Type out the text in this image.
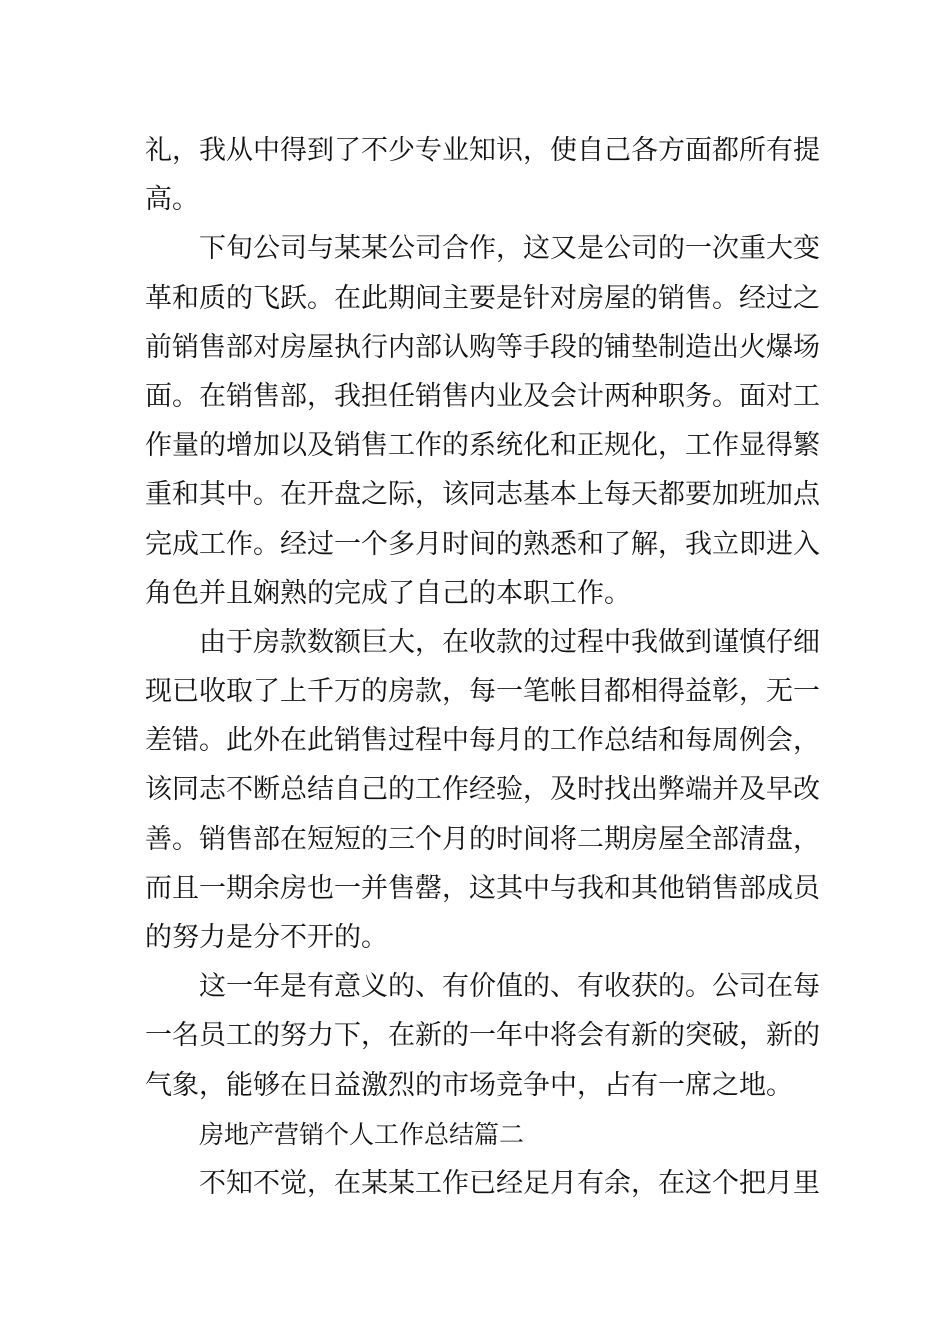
礼，我从中得到了不少专业知识，使自己各方面都所有提
高。
下旬公司与某某公司合作，这又是公司的一次重大变
革和质的飞跃。在此期间主要是针对房屋的销售。经过之
前销售部对房屋执行内部认购等手段的铺垫制造出火爆场
面。在销售部，我担任销售内业及会计两种职务。面对工
作量的增加以及销售工作的系统化和正规化，工作显得繁
重和其中。在开盘之际，该同志基本上每天都要加班加点
完成工作。经过一个多月时间的熟悉和了解，我立即进入
角色并且娴熟的完成了自己的本职工作。
由于房款数额巨大，在收款的过程中我做到谨慎仔细
现已收取了上千万的房款，每一笔帐目都相得益彰，无一
差错。此外在此销售过程中每月的工作总结和每周例会，
该同志不断总结自己的工作经验，及时找出弊端并及早改
善。销售部在短短的三个月的时间将二期房屋全部清盘，
而且一期余房也一并售罄，这其中与我和其他销售部成员
的努力是分不开的。
这一年是有意义的、有价值的、有收获的。公司在每
一名员工的努力下，在新的一年中将会有新的突破，新的
气象，能够在日益激烈的市场竞争中，占有一席之地。
房地产营销个人工作总结篇二
不知不觉，在某某工作已经足月有余，在这个把月里
